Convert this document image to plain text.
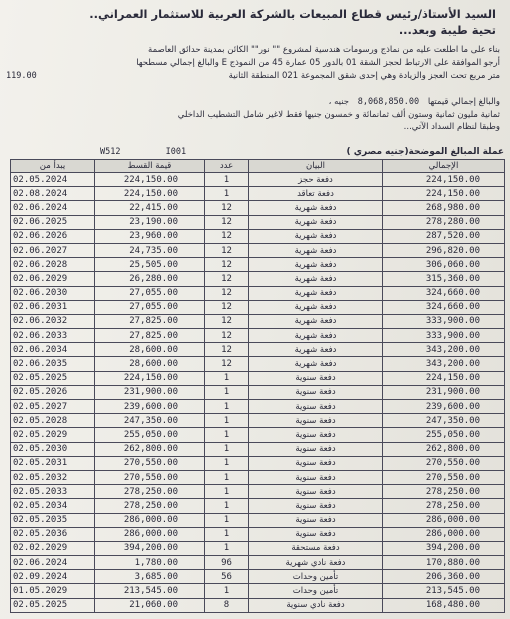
السيد الأستاذ/رئيس قطاع المبيعات بالشركة العربية للاستثمار العمراني..
تحية طيبة وبعد...
بناء على ما اطلعت عليه من نماذج ورسومات هندسية لمشروع "" نور"" الكائن بمدينة حدائق العاصمة
أرجو الموافقة على الارتباط لحجز الشقة 01 بالدور 05 عمارة 45 من النموذج E والبالغ إجمالي مسطحها
119.00	متر مربع تحت العجز والزيادة وهي إحدى شقق المجموعة 021 المنطقة الثانية
والبالغ إجمالي قيمتها 8,068,850.00 جنيه ،
ثمانية مليون ثمانية وستون ألف ثمانمائة و خمسون جنيها فقط لاغير شامل التشطيب الداخلي
وطبقا لنظام السداد الآتي...
W512	I001	عملة المبالغ الموضحة(جنيه مصري )
يبدأ من	قيمة القسط	عدد	البيان	الإجمالي
02.05.2024	224,150.00	1	دفعة حجز	224,150.00
02.08.2024	224,150.00	1	دفعة تعاقد	224,150.00
02.06.2024	22,415.00	12	دفعة شهرية	268,980.00
02.06.2025	23,190.00	12	دفعة شهرية	278,280.00
02.06.2026	23,960.00	12	دفعة شهرية	287,520.00
02.06.2027	24,735.00	12	دفعة شهرية	296,820.00
02.06.2028	25,505.00	12	دفعة شهرية	306,060.00
02.06.2029	26,280.00	12	دفعة شهرية	315,360.00
02.06.2030	27,055.00	12	دفعة شهرية	324,660.00
02.06.2031	27,055.00	12	دفعة شهرية	324,660.00
02.06.2032	27,825.00	12	دفعة شهرية	333,900.00
02.06.2033	27,825.00	12	دفعة شهرية	333,900.00
02.06.2034	28,600.00	12	دفعة شهرية	343,200.00
02.06.2035	28,600.00	12	دفعة شهرية	343,200.00
02.05.2025	224,150.00	1	دفعة سنوية	224,150.00
02.05.2026	231,900.00	1	دفعة سنوية	231,900.00
02.05.2027	239,600.00	1	دفعة سنوية	239,600.00
02.05.2028	247,350.00	1	دفعة سنوية	247,350.00
02.05.2029	255,050.00	1	دفعة سنوية	255,050.00
02.05.2030	262,800.00	1	دفعة سنوية	262,800.00
02.05.2031	270,550.00	1	دفعة سنوية	270,550.00
02.05.2032	270,550.00	1	دفعة سنوية	270,550.00
02.05.2033	278,250.00	1	دفعة سنوية	278,250.00
02.05.2034	278,250.00	1	دفعة سنوية	278,250.00
02.05.2035	286,000.00	1	دفعة سنوية	286,000.00
02.05.2036	286,000.00	1	دفعة سنوية	286,000.00
02.02.2029	394,200.00	1	دفعة مستحقة	394,200.00
02.06.2024	1,780.00	96	دفعة نادي شهرية	170,880.00
02.09.2024	3,685.00	56	تأمين وحدات	206,360.00
01.05.2029	213,545.00	1	تأمين وحدات	213,545.00
02.05.2025	21,060.00	8	دفعة نادي سنوية	168,480.00
